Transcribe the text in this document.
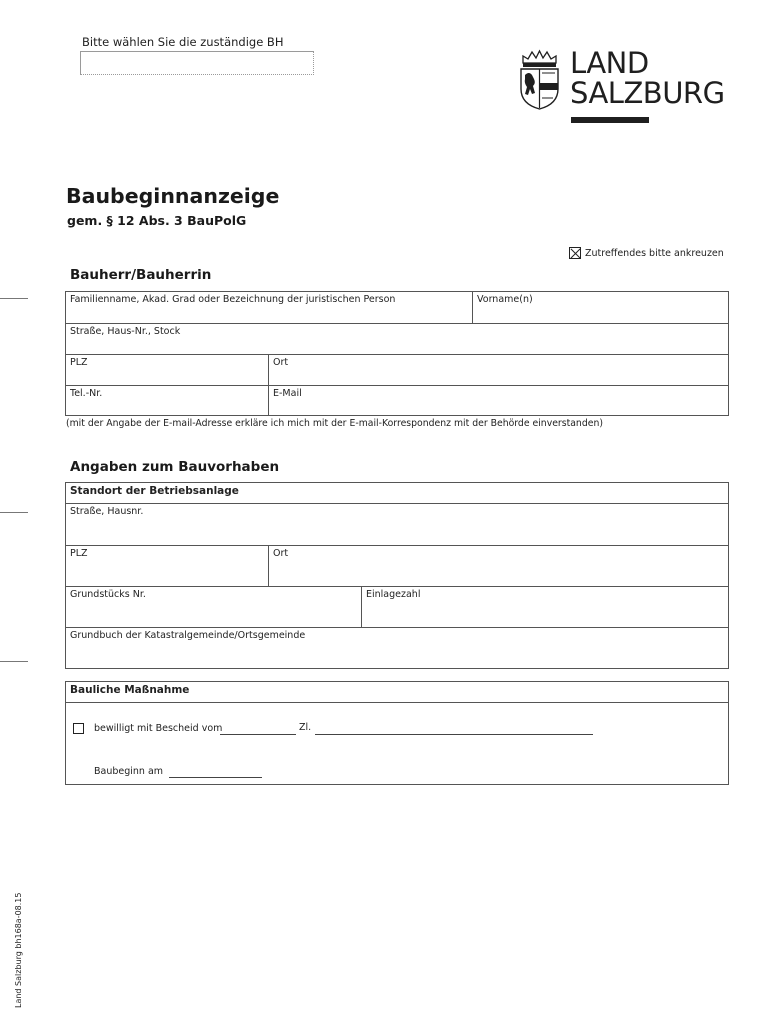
Bitte wählen Sie die zuständige BH
LAND
SALZBURG
Baubeginnanzeige
gem. § 12 Abs. 3 BauPolG
Zutreffendes bitte ankreuzen
Bauherr/Bauherrin
Familienname, Akad. Grad oder Bezeichnung der juristischen Person	Vorname(n)
Straße, Haus-Nr., Stock
PLZ	Ort
Tel.-Nr.	E-Mail
(mit der Angabe der E-mail-Adresse erkläre ich mich mit der E-mail-Korrespondenz mit der Behörde einverstanden)
Angaben zum Bauvorhaben
Standort der Betriebsanlage
Straße, Hausnr.
PLZ	Ort
Grundstücks Nr.	Einlagezahl
Grundbuch der Katastralgemeinde/Ortsgemeinde
Bauliche Maßnahme
bewilligt mit Bescheid vom	Zl.
Baubeginn am
Land Salzburg bh168a-08.15
